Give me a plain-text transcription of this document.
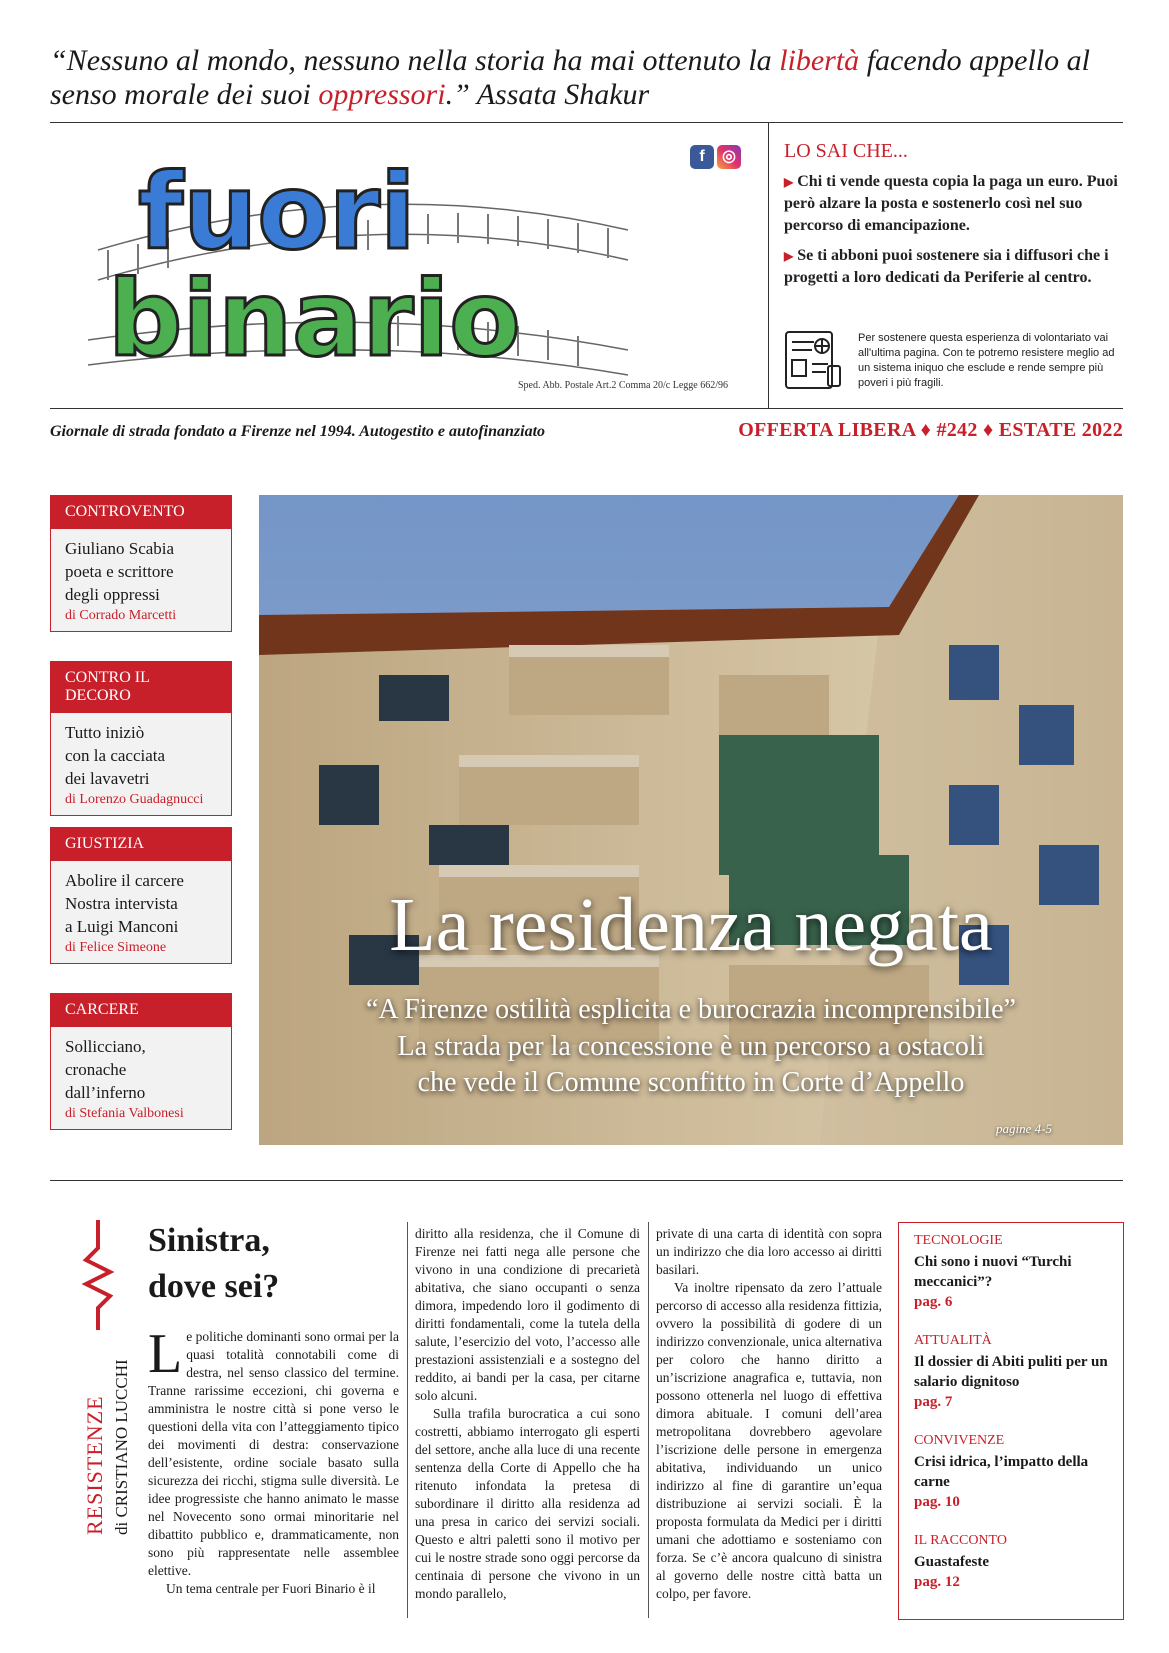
“Nessuno al mondo, nessuno nella storia ha mai ottenuto la libertà facendo appello al senso morale dei suoi oppressori.” Assata Shakur
fuori
binario
f ◎
Sped. Abb. Postale Art.2 Comma 20/c Legge 662/96
LO SAI CHE...
▶ Chi ti vende questa copia la paga un euro. Puoi però alzare la posta e sostenerlo così nel suo percorso di emancipazione.
▶ Se ti abboni puoi sostenere sia i diffusori che i progetti a loro dedicati da Periferie al centro.
Per sostenere questa esperienza di volontariato vai all'ultima pagina. Con te potremo resistere meglio ad un sistema iniquo che esclude e rende sempre più poveri i più fragili.
Giornale di strada fondato a Firenze nel 1994. Autogestito e autofinanziato	OFFERTA LIBERA ♦ #242 ♦ ESTATE 2022
CONTROVENTO
Giuliano Scabia
poeta e scrittore
degli oppressi
di Corrado Marcetti
CONTRO IL DECORO
Tutto iniziò
con la cacciata
dei lavavetri
di Lorenzo Guadagnucci
GIUSTIZIA
Abolire il carcere
Nostra intervista
a Luigi Manconi
di Felice Simeone
CARCERE
Sollicciano,
cronache
dall’inferno
di Stefania Valbonesi
La residenza negata
“A Firenze ostilità esplicita e burocrazia incomprensibile”
La strada per la concessione è un percorso a ostacoli
che vede il Comune sconfitto in Corte d’Appello
pagine 4-5
RESISTENZE di CRISTIANO LUCCHI
Sinistra,
dove sei?

Le politiche dominanti sono ormai per la quasi totalità connotabili come di destra, nel senso classico del termine. Tranne rarissime eccezioni, chi governa e amministra le nostre città si pone verso le questioni della vita con l’atteggiamento tipico dei movimenti di destra: conservazione dell’esistente, ordine sociale basato sulla sicurezza dei ricchi, stigma sulle diversità. Le idee progressiste che hanno animato le masse nel Novecento sono ormai minoritarie nel dibattito pubblico e, drammaticamente, non sono più rappresentate nelle assemblee elettive.

Un tema centrale per Fuori Binario è il

diritto alla residenza, che il Comune di Firenze nei fatti nega alle persone che vivono in una condizione di precarietà abitativa, che siano occupanti o senza dimora, impedendo loro il godimento di diritti fondamentali, come la tutela della salute, l’esercizio del voto, l’accesso alle prestazioni assistenziali e a sostegno del reddito, ai bandi per la casa, per citarne solo alcuni.

Sulla trafila burocratica a cui sono costretti, abbiamo interrogato gli esperti del settore, anche alla luce di una recente sentenza della Corte di Appello che ha ritenuto infondata la pretesa di subordinare il diritto alla residenza ad una presa in carico dei servizi sociali. Questo e altri paletti sono il motivo per cui le nostre strade sono oggi percorse da centinaia di persone che vivono in un mondo parallelo,

private di una carta di identità con sopra un indirizzo che dia loro accesso ai diritti basilari.

Va inoltre ripensato da zero l’attuale percorso di accesso alla residenza fittizia, ovvero la possibilità di godere di un indirizzo convenzionale, unica alternativa per coloro che hanno diritto a un’iscrizione anagrafica e, tuttavia, non possono ottenerla nel luogo di effettiva dimora abituale. I comuni dell’area metropolitana dovrebbero agevolare l’iscrizione delle persone in emergenza abitativa, individuando un unico indirizzo al fine di garantire un’equa distribuzione ai servizi sociali. È la proposta formulata da Medici per i diritti umani che adottiamo e sosteniamo con forza. Se c’è ancora qualcuno di sinistra al governo delle nostre città batta un colpo, per favore.

TECNOLOGIE
Chi sono i nuovi “Turchi meccanici”?
pag. 6
ATTUALITÀ
Il dossier di Abiti puliti per un salario dignitoso
pag. 7
CONVIVENZE
Crisi idrica, l’impatto della carne
pag. 10
IL RACCONTO
Guastafeste
pag. 12
